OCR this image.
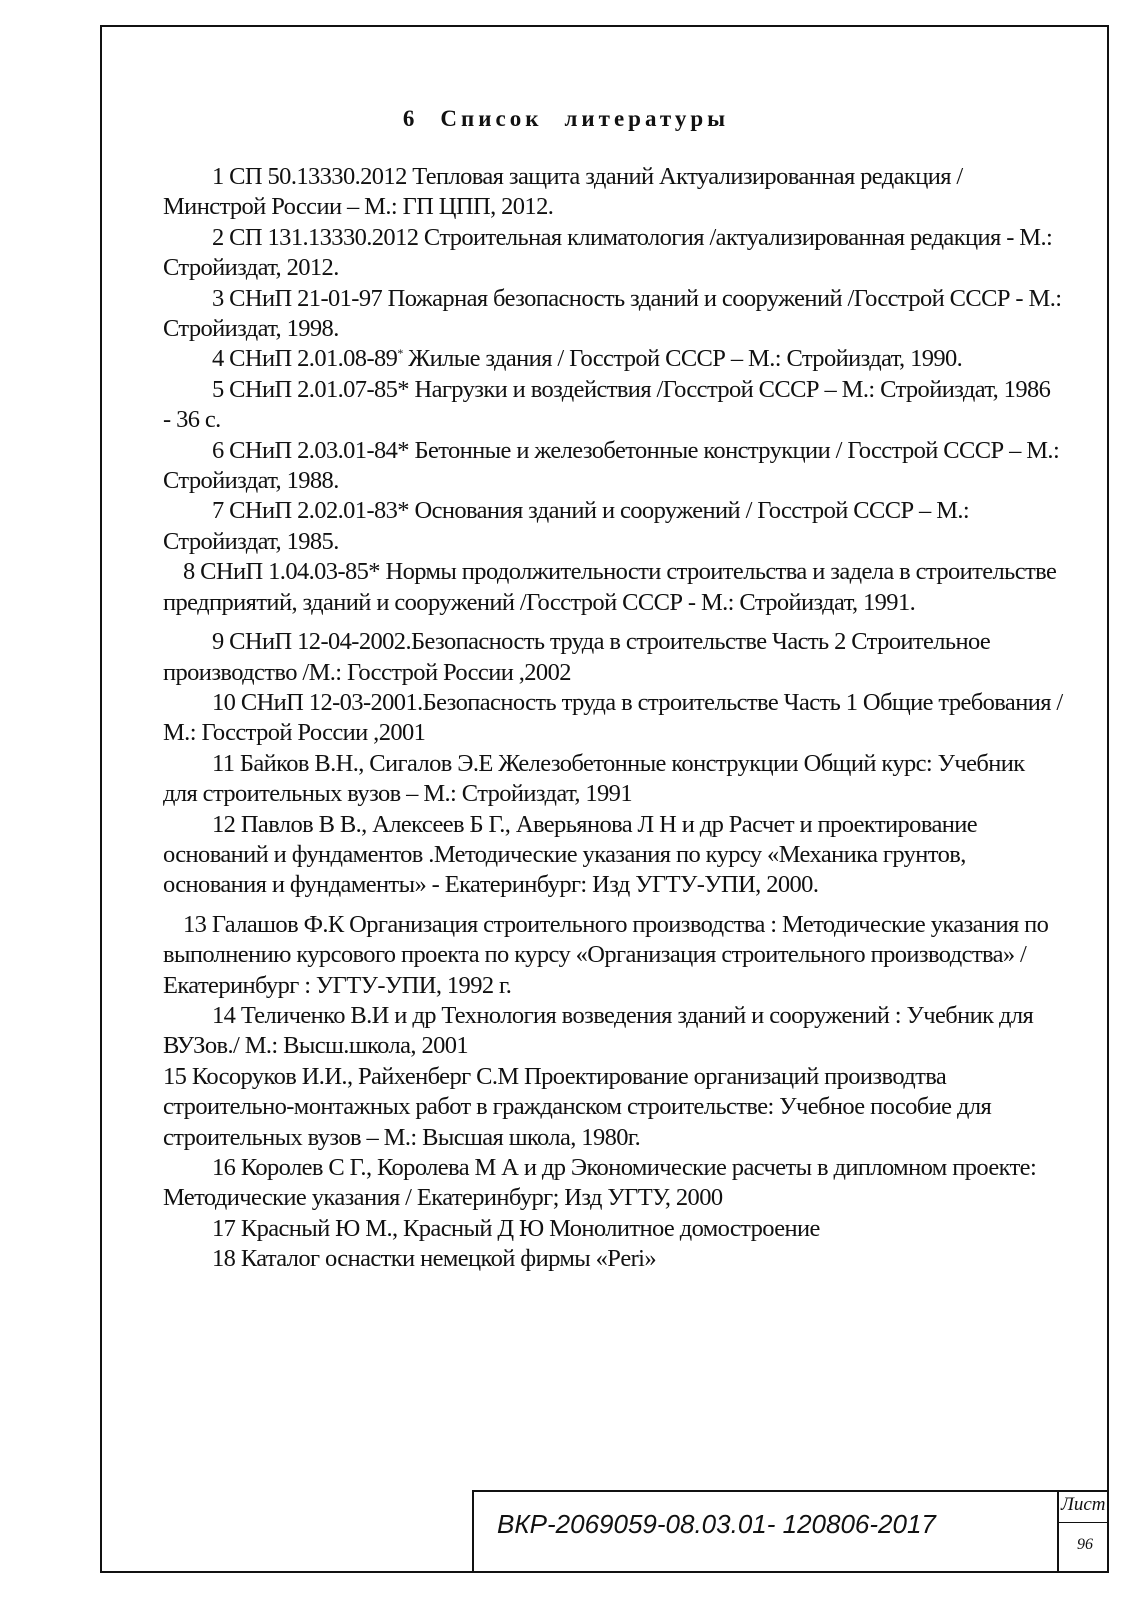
6 Список литературы

1 СП 50.13330.2012 Тепловая защита зданий Актуализированная редакция /Минстрой России – М.: ГП ЦПП, 2012.

2 СП 131.13330.2012 Строительная климатология /актуализированная редакция - М.: Стройиздат, 2012.

3 СНиП 21-01-97 Пожарная безопасность зданий и сооружений /Госстрой СССР - М.: Стройиздат, 1998.

4 СНиП 2.01.08-89* Жилые здания / Госстрой СССР – М.: Стройиздат, 1990.

5 СНиП 2.01.07-85* Нагрузки и воздействия /Госстрой СССР – М.: Стройиздат, 1986 - 36 с.

6 СНиП 2.03.01-84* Бетонные и железобетонные конструкции / Госстрой СССР – М.: Стройиздат, 1988.

7 СНиП 2.02.01-83* Основания зданий и сооружений / Госстрой СССР – М.: Стройиздат, 1985.

8 СНиП 1.04.03-85* Нормы продолжительности строительства и задела в строительстве предприятий, зданий и сооружений /Госстрой СССР - М.: Стройиздат, 1991.

9 СНиП 12-04-2002.Безопасность труда в строительстве Часть 2 Строительное производство /М.: Госстрой России ,2002

10 СНиП 12-03-2001.Безопасность труда в строительстве Часть 1 Общие требования /М.: Госстрой России ,2001

11 Байков В.Н., Сигалов Э.Е Железобетонные конструкции Общий курс: Учебник для строительных вузов – М.: Стройиздат, 1991

12 Павлов В В., Алексеев Б Г., Аверьянова Л Н и др Расчет и проектирование оснований и фундаментов .Методические указания по курсу «Механика грунтов, основания и фундаменты» - Екатеринбург: Изд УГТУ-УПИ, 2000.

13 Галашов Ф.К Организация строительного производства : Методические указания по выполнению курсового проекта по курсу «Организация строительного производства» / Екатеринбург : УГТУ-УПИ, 1992 г.

14 Теличенко В.И и др Технология возведения зданий и сооружений : Учебник для ВУЗов./ М.: Высш.школа, 2001

15 Косоруков И.И., Райхенберг С.М Проектирование организаций производтва строительно-монтажных работ в гражданском строительстве: Учебное пособие для строительных вузов – М.: Высшая школа, 1980г.

16 Королев С Г., Королева М А и др Экономические расчеты в дипломном проекте: Методические указания / Екатеринбург; Изд УГТУ, 2000

17 Красный Ю М., Красный Д Ю Монолитное домостроение

18 Каталог оснастки немецкой фирмы «Peri»

ВКР-2069059-08.03.01- 120806-2017
Лист
96
